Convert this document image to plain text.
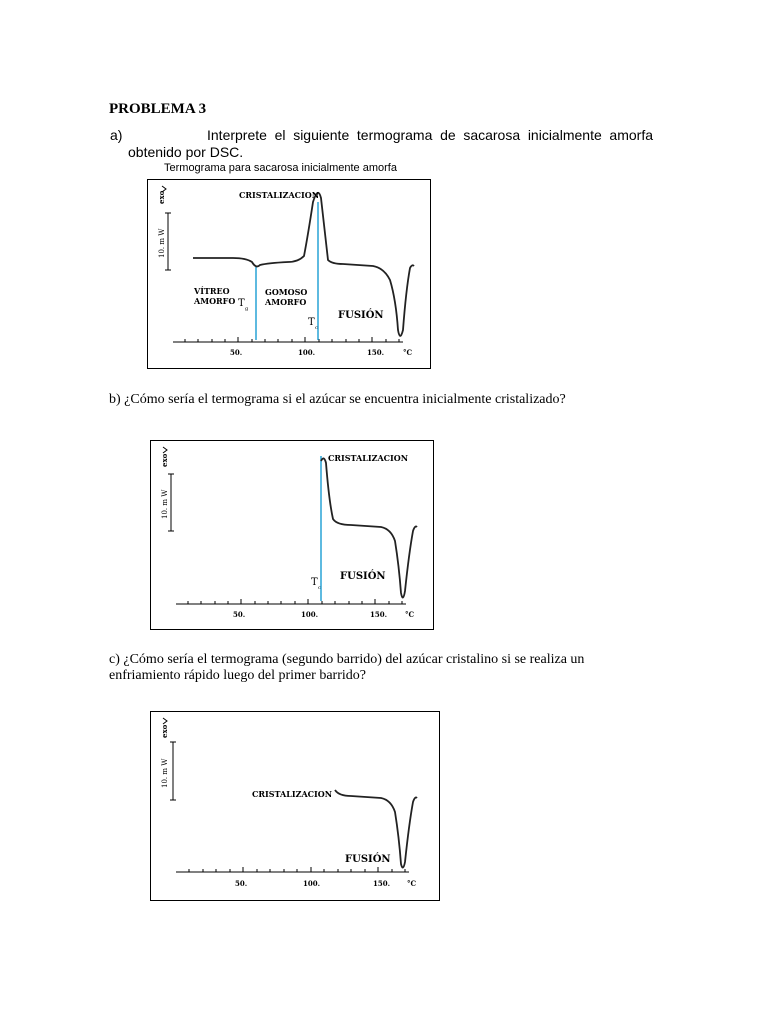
PROBLEMA 3
a)	Interprete el siguiente termograma de sacarosa inicialmente amorfa
obtenido por DSC.
Termograma para sacarosa inicialmente amorfa
exo
10. m W
50.	100.	150.	°C
CRISTALIZACION
VÍTREO
AMORFO
GOMOSO
AMORFO
T g
T c
FUSIÓN
b) ¿Cómo sería el termograma si el azúcar se encuentra inicialmente cristalizado?
exo
10. m W
50.	100.	150.	°C
CRISTALIZACION
T c
FUSIÓN
c) ¿Cómo sería el termograma (segundo barrido) del azúcar cristalino si se realiza un
enfriamiento rápido luego del primer barrido?
exo
10. m W
50.	100.	150. °C
CRISTALIZACION
FUSIÓN
